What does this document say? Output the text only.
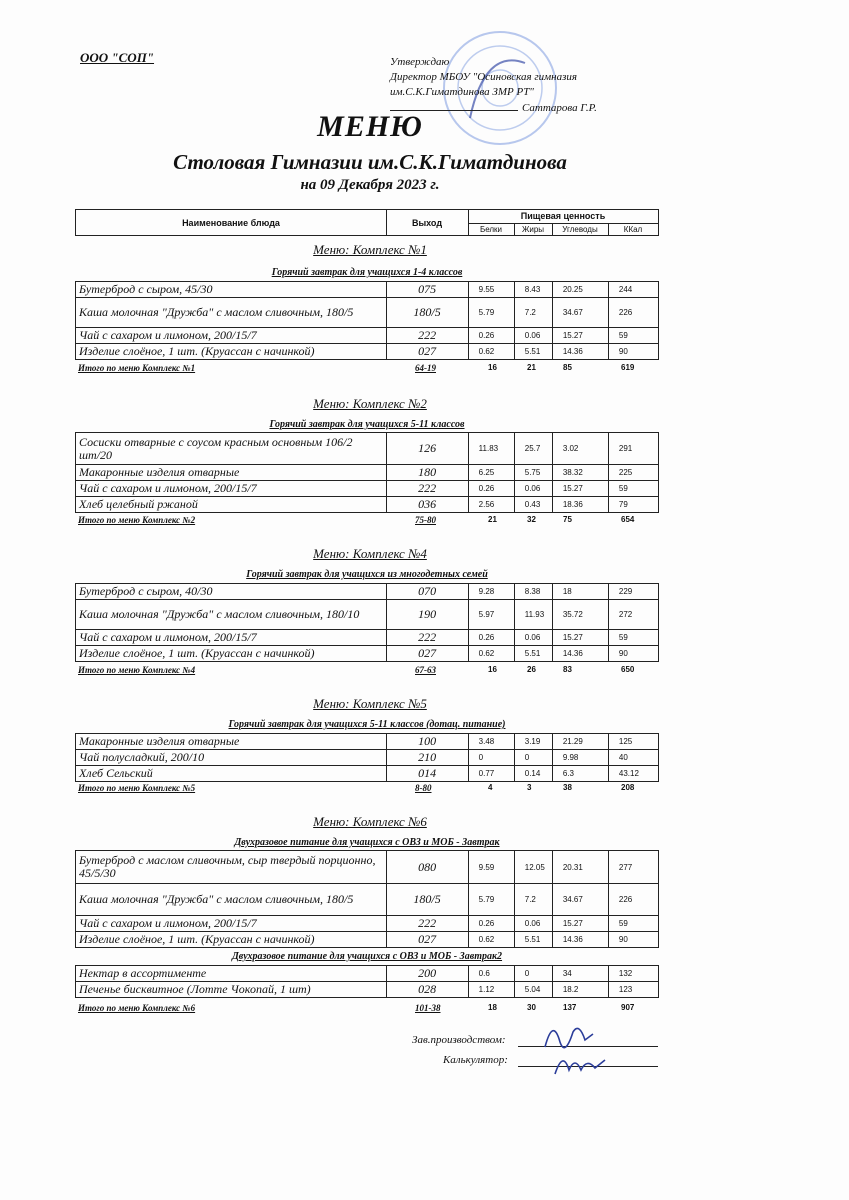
ООО "СОП"	Утверждаю
Директор МБОУ "Осиновская гимназия
им.С.К.Гиматдинова ЗМР РТ"
Саттарова Г.Р.
МЕНЮ
Столовая Гимназии им.С.К.Гиматдинова
на 09 Декабря 2023 г.
Наименование блюда	Выход
Пищевая ценность
Белки	Жиры	Углеводы	ККал
Меню: Комплекс №1
Горячий завтрак для учащихся 1-4 классов
Бутерброд с сыром, 45/30	075	9.55	8.43	20.25	244
Каша молочная "Дружба" с маслом сливочным, 180/5	180/5	5.79	7.2	34.67	226
Чай с сахаром и лимоном, 200/15/7	222	0.26	0.06	15.27	59
Изделие слоёное, 1 шт. (Круассан с начинкой)	027	0.62	5.51	14.36	90
Итого по меню Комплекс №1	64-19	16	21	85	619
Меню: Комплекс №2
Горячий завтрак для учащихся 5-11 классов
Сосиски отварные с соусом красным основным 106/2 шт/20	126	11.83	25.7	3.02	291
Макаронные изделия отварные	180	6.25	5.75	38.32	225
Чай с сахаром и лимоном, 200/15/7	222	0.26	0.06	15.27	59
Хлеб целебный ржаной	036	2.56	0.43	18.36	79
Итого по меню Комплекс №2	75-80	21	32	75	654
Меню: Комплекс №4
Горячий завтрак для учащихся из многодетных семей
Бутерброд с сыром, 40/30	070	9.28	8.38	18	229
Каша молочная "Дружба" с маслом сливочным, 180/10	190	5.97	11.93	35.72	272
Чай с сахаром и лимоном, 200/15/7	222	0.26	0.06	15.27	59
Изделие слоёное, 1 шт. (Круассан с начинкой)	027	0.62	5.51	14.36	90
Итого по меню Комплекс №4	67-63	16	26	83	650
Меню: Комплекс №5
Горячий завтрак для учащихся 5-11 классов (дотац. питание)
Макаронные изделия отварные	100	3.48	3.19	21.29	125
Чай полусладкий, 200/10	210	0	0	9.98	40
Хлеб Сельский	014	0.77	0.14	6.3	43.12
Итого по меню Комплекс №5	8-80	4	3	38	208
Меню: Комплекс №6
Двухразовое питание для учащихся с ОВЗ и МОБ - Завтрак
Бутерброд с маслом сливочным, сыр твердый порционно, 45/5/30	080	9.59	12.05	20.31	277
Каша молочная "Дружба" с маслом сливочным, 180/5	180/5	5.79	7.2	34.67	226
Чай с сахаром и лимоном, 200/15/7	222	0.26	0.06	15.27	59
Изделие слоёное, 1 шт. (Круассан с начинкой)	027	0.62	5.51	14.36	90
Двухразовое питание для учащихся с ОВЗ и МОБ - Завтрак2
Нектар в ассортименте	200	0.6	0	34	132
Печенье бисквитное (Лотте Чокопай, 1 шт)	028	1.12	5.04	18.2	123
Итого по меню Комплекс №6	101-38	18	30	137	907
Зав.производством:
Калькулятор:
